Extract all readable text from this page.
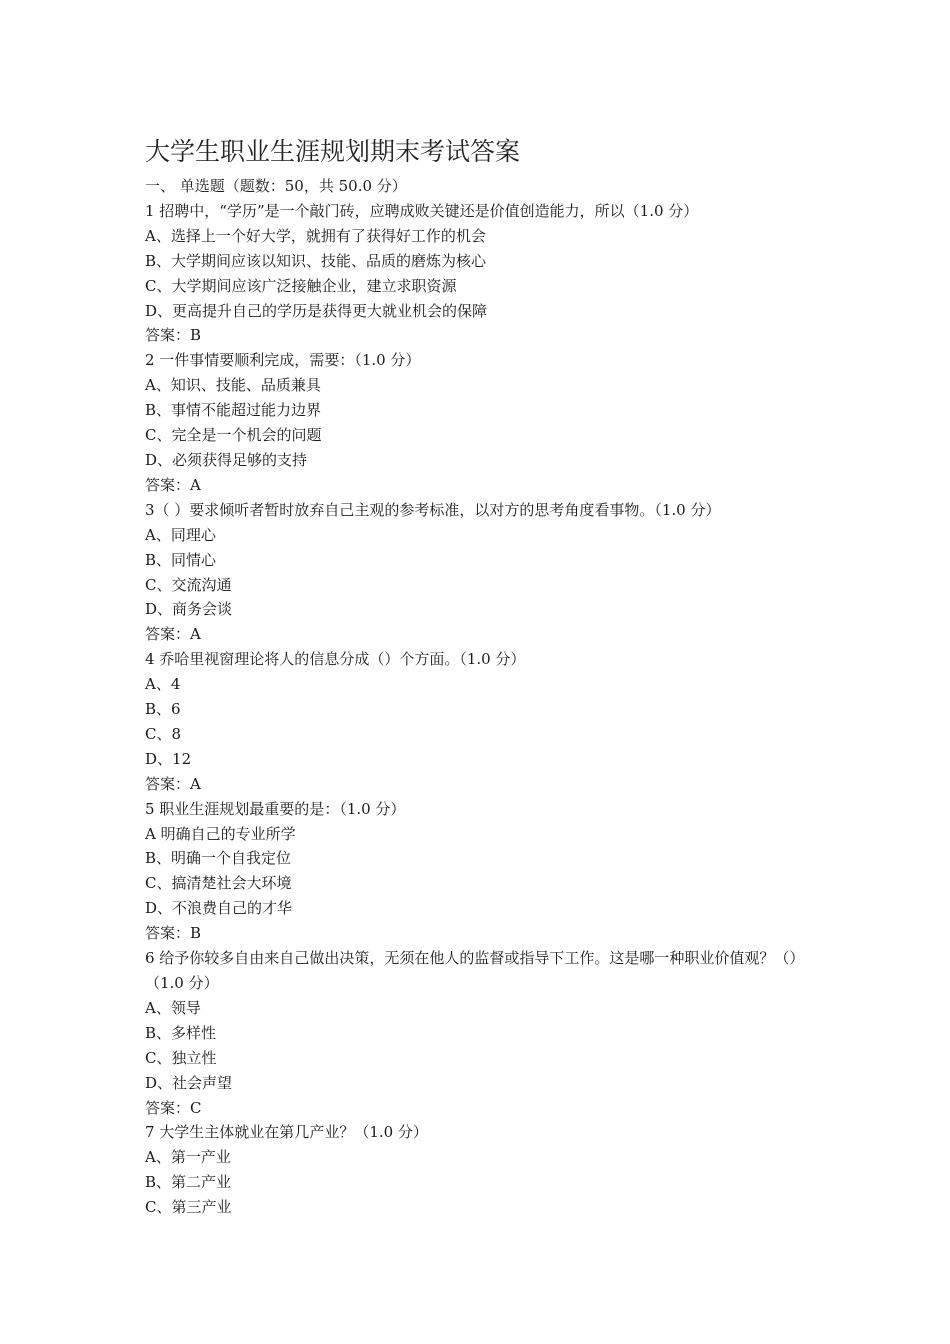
大学生职业生涯规划期末考试答案

一、 单选题（题数：50，共 50.0 分）

1 招聘中，“学历”是一个敲门砖，应聘成败关键还是价值创造能力，所以（1.0 分）

A、选择上一个好大学，就拥有了获得好工作的机会

B、大学期间应该以知识、技能、品质的磨炼为核心

C、大学期间应该广泛接触企业，建立求职资源

D、更高提升自己的学历是获得更大就业机会的保障

答案：B

2 一件事情要顺利完成，需要：（1.0 分）

A、知识、技能、品质兼具

B、事情不能超过能力边界

C、完全是一个机会的问题

D、必须获得足够的支持

答案：A

3（ ）要求倾听者暂时放弃自己主观的参考标准，以对方的思考角度看事物。（1.0 分）

A、同理心

B、同情心

C、交流沟通

D、商务会谈

答案：A

4 乔哈里视窗理论将人的信息分成（）个方面。（1.0 分）

A、4

B、6

C、8

D、12

答案：A

5 职业生涯规划最重要的是：（1.0 分）

A 明确自己的专业所学

B、明确一个自我定位

C、搞清楚社会大环境

D、不浪费自己的才华

答案：B

6 给予你较多自由来自己做出决策，无须在他人的监督或指导下工作。这是哪一种职业价值观？（）（1.0 分）

A、领导

B、多样性

C、独立性

D、社会声望

答案：C

7 大学生主体就业在第几产业？（1.0 分）

A、第一产业

B、第二产业

C、第三产业
